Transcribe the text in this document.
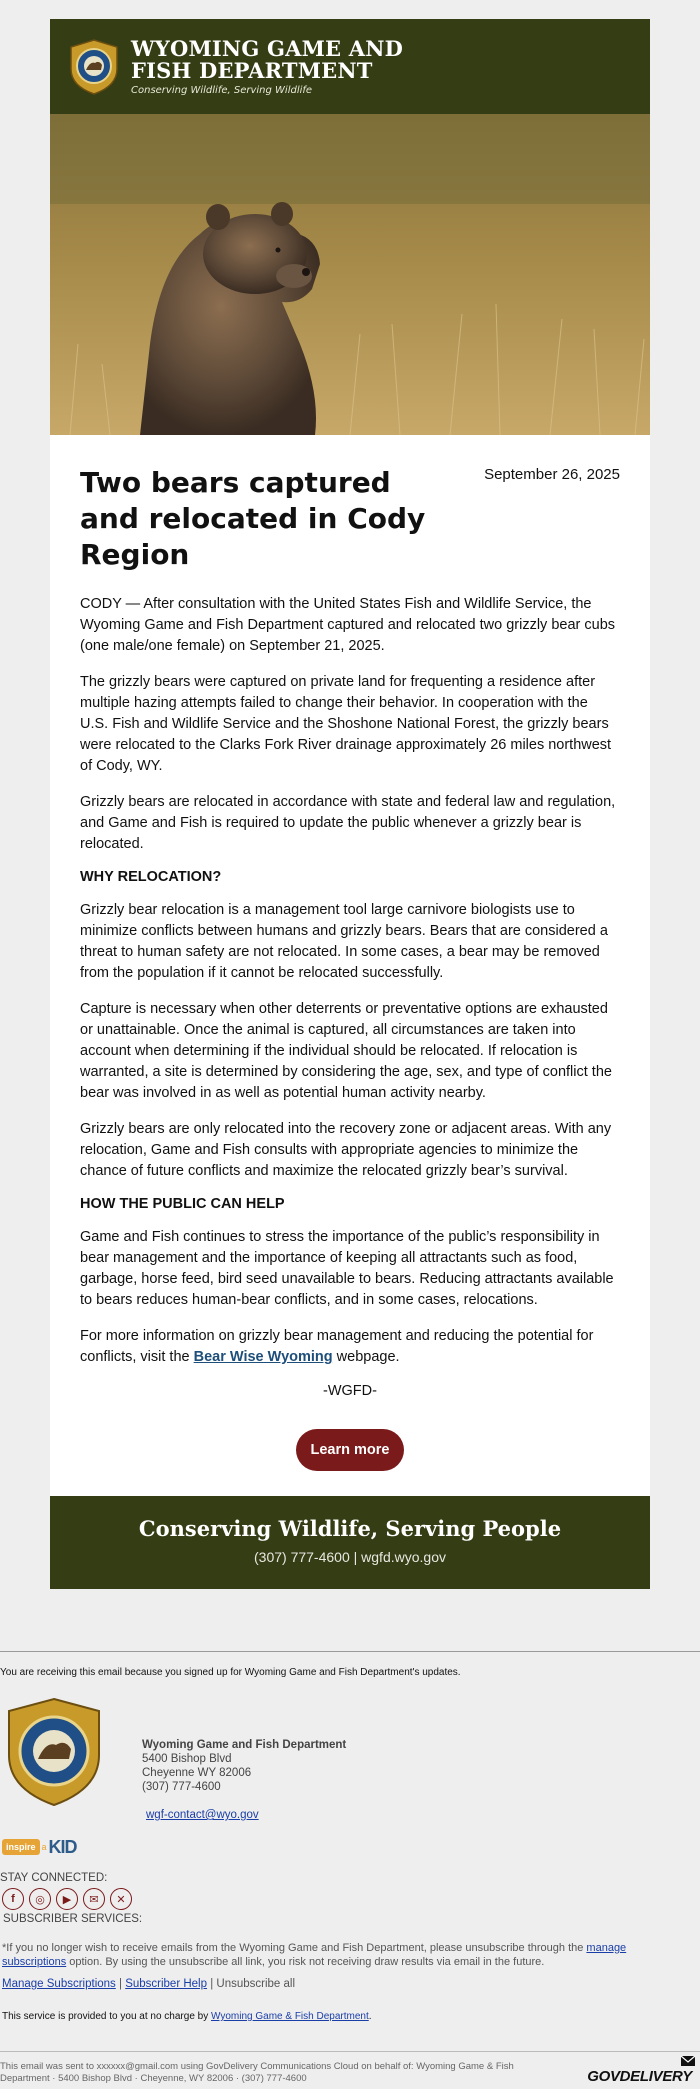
WYOMING GAME AND
FISH DEPARTMENT
Conserving Wildlife, Serving Wildlife
Two bears captured and relocated in Cody Region
September 26, 2025

CODY — After consultation with the United States Fish and Wildlife Service, the Wyoming Game and Fish Department captured and relocated two grizzly bear cubs (one male/one female) on September 21, 2025.

The grizzly bears were captured on private land for frequenting a residence after multiple hazing attempts failed to change their behavior. In cooperation with the U.S. Fish and Wildlife Service and the Shoshone National Forest, the grizzly bears were relocated to the Clarks Fork River drainage approximately 26 miles northwest of Cody, WY.

Grizzly bears are relocated in accordance with state and federal law and regulation, and Game and Fish is required to update the public whenever a grizzly bear is relocated.

WHY RELOCATION?

Grizzly bear relocation is a management tool large carnivore biologists use to minimize conflicts between humans and grizzly bears. Bears that are considered a threat to human safety are not relocated. In some cases, a bear may be removed from the population if it cannot be relocated successfully.

Capture is necessary when other deterrents or preventative options are exhausted or unattainable. Once the animal is captured, all circumstances are taken into account when determining if the individual should be relocated. If relocation is warranted, a site is determined by considering the age, sex, and type of conflict the bear was involved in as well as potential human activity nearby.

Grizzly bears are only relocated into the recovery zone or adjacent areas. With any relocation, Game and Fish consults with appropriate agencies to minimize the chance of future conflicts and maximize the relocated grizzly bear’s survival.

HOW THE PUBLIC CAN HELP

Game and Fish continues to stress the importance of the public’s responsibility in bear management and the importance of keeping all attractants such as food, garbage, horse feed, bird seed unavailable to bears. Reducing attractants available to bears reduces human-bear conflicts, and in some cases, relocations.

For more information on grizzly bear management and reducing the potential for conflicts, visit the Bear Wise Wyoming webpage.

-WGFD-
Learn more
Conserving Wildlife, Serving People
(307) 777-4600 | wgfd.wyo.gov
You are receiving this email because you signed up for Wyoming Game and Fish Department's updates.
Wyoming Game and Fish Department
5400 Bishop Blvd
Cheyenne WY 82006
(307) 777-4600
wgf-contact@wyo.gov
inspire a KID
STAY CONNECTED:
f	◎	▶	✉	✕
SUBSCRIBER SERVICES:
*If you no longer wish to receive emails from the Wyoming Game and Fish Department, please unsubscribe through the manage subscriptions option. By using the unsubscribe all link, you risk not receiving draw results via email in the future.
Manage Subscriptions | Subscriber Help | Unsubscribe all
This service is provided to you at no charge by Wyoming Game & Fish Department.
This email was sent to xxxxxx@gmail.com using GovDelivery Communications Cloud on behalf of: Wyoming Game & Fish Department · 5400 Bishop Blvd · Cheyenne, WY 82006 · (307) 777-4600	GOVDELIVERY
